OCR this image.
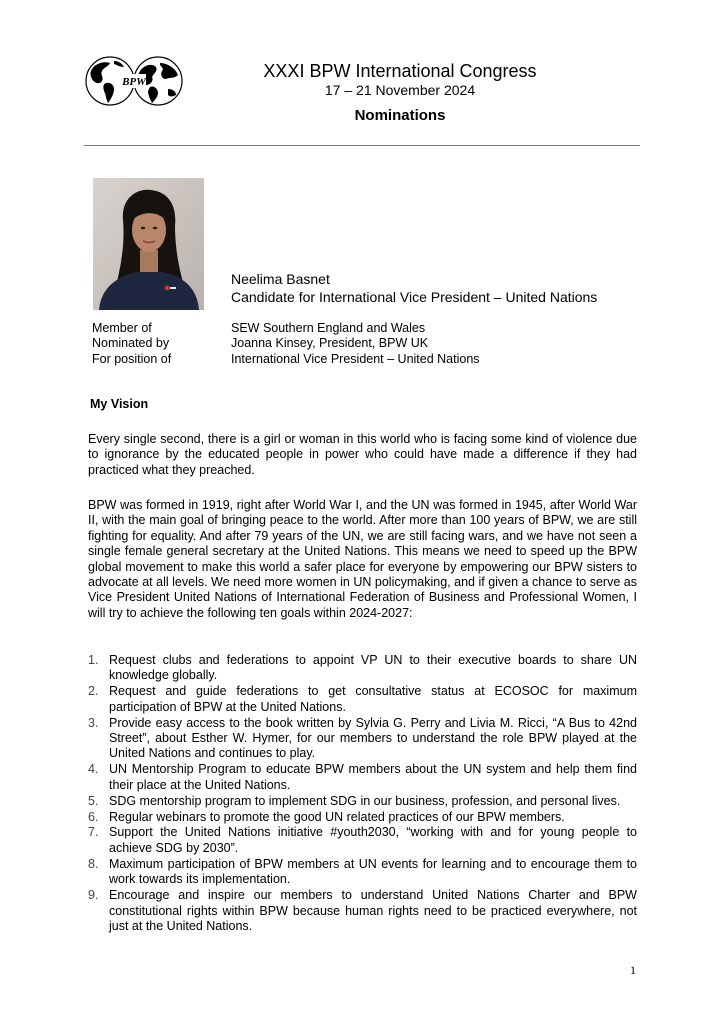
BPW
XXXI BPW International Congress
17 – 21 November 2024
Nominations
Neelima Basnet
Candidate for International Vice President – United Nations
Member of	SEW Southern England and Wales
Nominated by	Joanna Kinsey, President, BPW UK
For position of	International Vice President – United Nations
My Vision
Every single second, there is a girl or woman in this world who is facing some kind of violence due to ignorance by the educated people in power who could have made a difference if they had practiced what they preached.
BPW was formed in 1919, right after World War I, and the UN was formed in 1945, after World War II, with the main goal of bringing peace to the world. After more than 100 years of BPW, we are still fighting for equality. And after 79 years of the UN, we are still facing wars, and we have not seen a single female general secretary at the United Nations. This means we need to speed up the BPW global movement to make this world a safer place for everyone by empowering our BPW sisters to advocate at all levels. We need more women in UN policymaking, and if given a chance to serve as Vice President United Nations of International Federation of Business and Professional Women, I will try to achieve the following ten goals within 2024-2027:
1. Request clubs and federations to appoint VP UN to their executive boards to share UN knowledge globally.
2. Request and guide federations to get consultative status at ECOSOC for maximum participation of BPW at the United Nations.
3. Provide easy access to the book written by Sylvia G. Perry and Livia M. Ricci, “A Bus to 42nd Street”, about Esther W. Hymer, for our members to understand the role BPW played at the United Nations and continues to play.
4. UN Mentorship Program to educate BPW members about the UN system and help them find their place at the United Nations.
5. SDG mentorship program to implement SDG in our business, profession, and personal lives.
6. Regular webinars to promote the good UN related practices of our BPW members.
7. Support the United Nations initiative #youth2030, “working with and for young people to achieve SDG by 2030”.
8. Maximum participation of BPW members at UN events for learning and to encourage them to work towards its implementation.
9. Encourage and inspire our members to understand United Nations Charter and BPW constitutional rights within BPW because human rights need to be practiced everywhere, not just at the United Nations.
1
